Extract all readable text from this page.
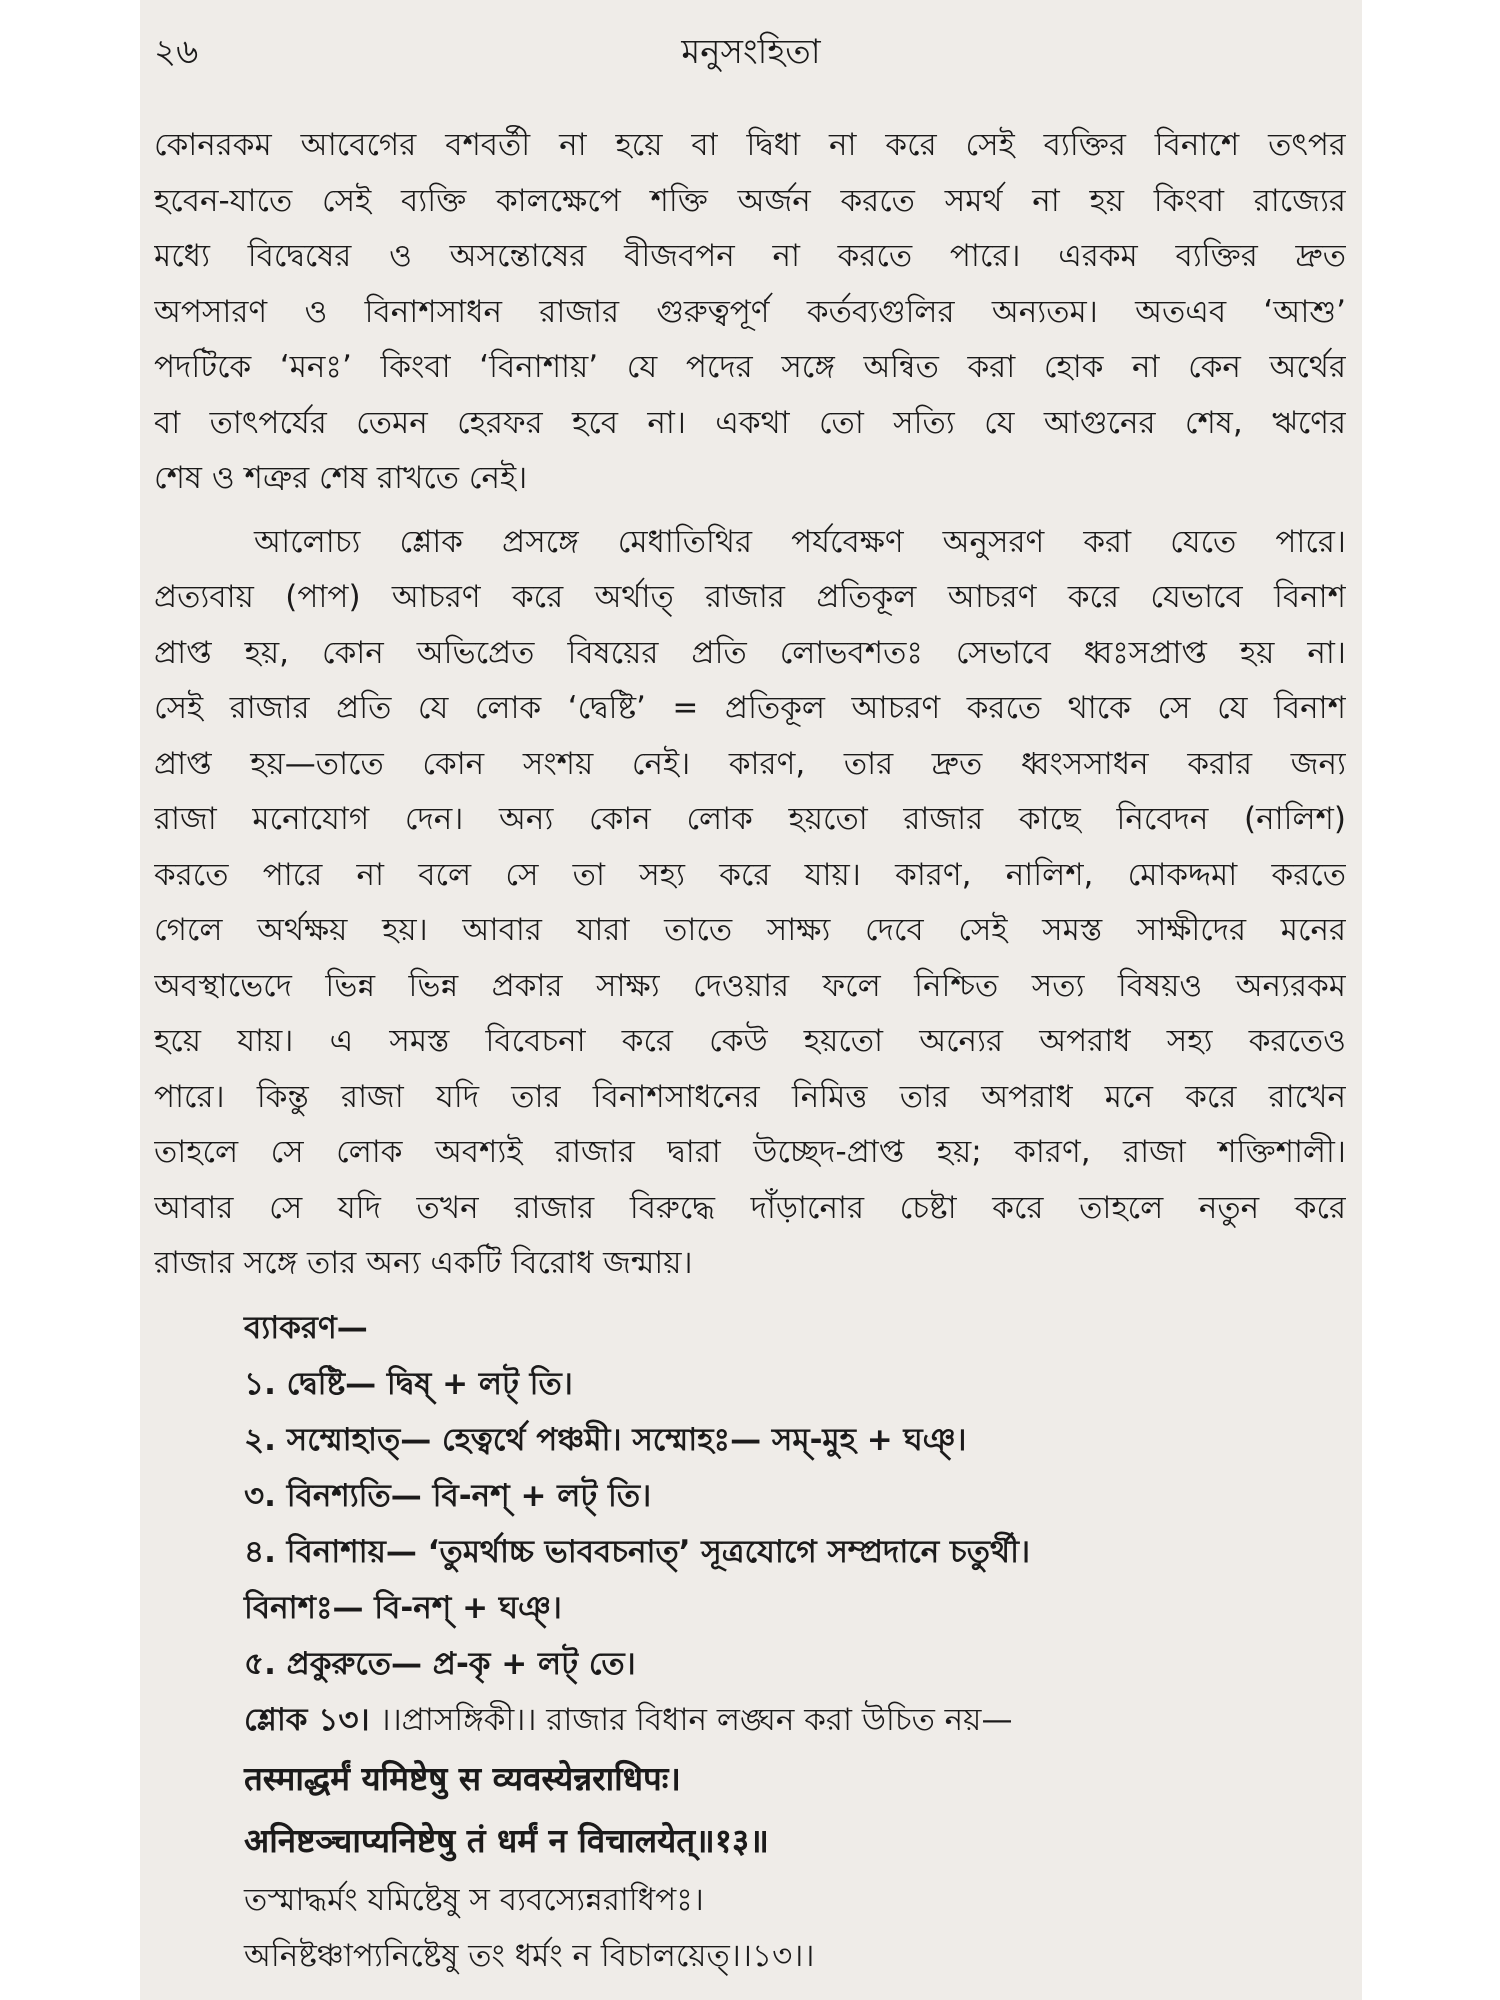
২৬	মনুসংহিতা

কোনরকম আবেগের বশবর্তী না হয়ে বা দ্বিধা না করে সেই ব্যক্তির বিনাশে তৎপর
হবেন-যাতে সেই ব্যক্তি কালক্ষেপে শক্তি অর্জন করতে সমর্থ না হয় কিংবা রাজ্যের
মধ্যে বিদ্বেষের ও অসন্তোষের বীজবপন না করতে পারে। এরকম ব্যক্তির দ্রুত
অপসারণ ও বিনাশসাধন রাজার গুরুত্বপূর্ণ কর্তব্যগুলির অন্যতম। অতএব ‘আশু’
পদটিকে ‘মনঃ’ কিংবা ‘বিনাশায়’ যে পদের সঙ্গে অন্বিত করা হোক না কেন অর্থের
বা তাৎপর্যের তেমন হেরফর হবে না। একথা তো সত্যি যে আগুনের শেষ, ঋণের
শেষ ও শত্রুর শেষ রাখতে নেই।

আলোচ্য শ্লোক প্রসঙ্গে মেধাতিথির পর্যবেক্ষণ অনুসরণ করা যেতে পারে।
প্রত্যবায় (পাপ) আচরণ করে অর্থাত্‌ রাজার প্রতিকূল আচরণ করে যেভাবে বিনাশ
প্রাপ্ত হয়, কোন অভিপ্রেত বিষয়ের প্রতি লোভবশতঃ সেভাবে ধ্বঃসপ্রাপ্ত হয় না।
সেই রাজার প্রতি যে লোক ‘দ্বেষ্টি’ = প্রতিকূল আচরণ করতে থাকে সে যে বিনাশ
প্রাপ্ত হয়—তাতে কোন সংশয় নেই। কারণ, তার দ্রুত ধ্বংসসাধন করার জন্য
রাজা মনোযোগ দেন। অন্য কোন লোক হয়তো রাজার কাছে নিবেদন (নালিশ)
করতে পারে না বলে সে তা সহ্য করে যায়। কারণ, নালিশ, মোকদ্দমা করতে
গেলে অর্থক্ষয় হয়। আবার যারা তাতে সাক্ষ্য দেবে সেই সমস্ত সাক্ষীদের মনের
অবস্থাভেদে ভিন্ন ভিন্ন প্রকার সাক্ষ্য দেওয়ার ফলে নিশ্চিত সত্য বিষয়ও অন্যরকম
হয়ে যায়। এ সমস্ত বিবেচনা করে কেউ হয়তো অন্যের অপরাধ সহ্য করতেও
পারে। কিন্তু রাজা যদি তার বিনাশসাধনের নিমিত্ত তার অপরাধ মনে করে রাখেন
তাহলে সে লোক অবশ্যই রাজার দ্বারা উচ্ছেদ-প্রাপ্ত হয়; কারণ, রাজা শক্তিশালী।
আবার সে যদি তখন রাজার বিরুদ্ধে দাঁড়ানোর চেষ্টা করে তাহলে নতুন করে
রাজার সঙ্গে তার অন্য একটি বিরোধ জন্মায়।

ব্যাকরণ—
১. দ্বেষ্টি— দ্বিষ্‌ + লট্‌ তি।
২. সম্মোহাত্‌— হেত্বর্থে পঞ্চমী। সম্মোহঃ— সম্‌-মুহ + ঘঞ্‌।
৩. বিনশ্যতি— বি-নশ্‌ + লট্‌ তি।
৪. বিনাশায়— ‘তুমর্থাচ্চ ভাববচনাত্‌’ সূত্রযোগে সম্প্রদানে চতুর্থী।
বিনাশঃ— বি-নশ্‌ + ঘঞ্‌।
৫. প্রকুরুতে— প্র-কৃ + লট্‌ তে।
শ্লোক ১৩। ।।প্রাসঙ্গিকী।। রাজার বিধান লঙ্ঘন করা উচিত নয়—
तस्माद्धर्मं यमिष्टेषु स व्यवस्येन्नराधिपः।
अनिष्टञ्चाप्यनिष्टेषु तं धर्मं न विचालयेत्‌॥१३॥
তস্মাদ্ধর্মং যমিষ্টেষু স ব্যবস্যেন্নরাধিপঃ।
অনিষ্টঞ্চাপ্যনিষ্টেষু তং ধর্মং ন বিচালয়েত্‌।।১৩।।
